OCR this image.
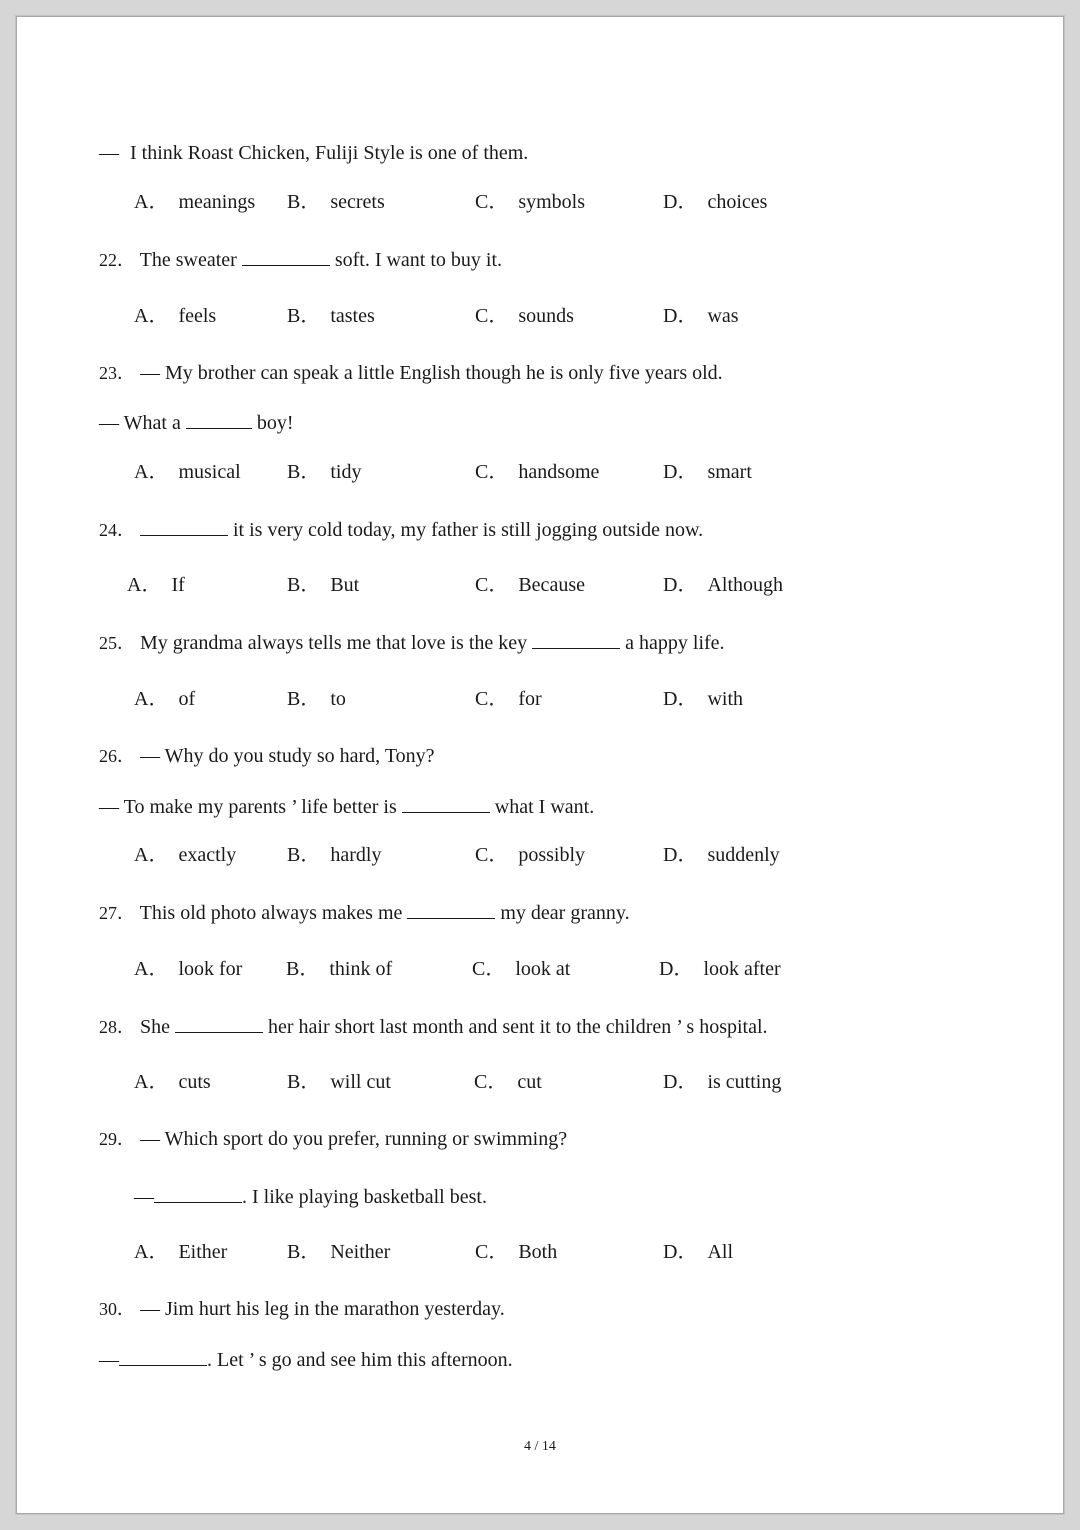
— I think Roast Chicken, Fuliji Style is one of them.
A． meanings B． secrets	C． symbols	D． choices
22． The sweater	soft. I want to buy it.
A． feels	B． tastes	C． sounds	D． was
23． — My brother can speak a little English though he is only five years old.
— What a	boy!
A． musical B． tidy	C． handsome	D． smart
24．	it is very cold today, my father is still jogging outside now.
A． If	B． But	C． Because	D． Although
25． My grandma always tells me that love is the key	a happy life.
A． of	B． to	C． for	D． with
26． — Why do you study so hard, Tony?
— To make my parents ’ life better is	what I want.
A． exactly	B． hardly	C． possibly	D． suddenly
27． This old photo always makes me	my dear granny.
A． look for B． think of	C． look at	D． look after
28． She	her hair short last month and sent it to the children ’ s hospital.
A． cuts	B． will cut	C． cut	D． is cutting
29． — Which sport do you prefer, running or swimming?
—	. I like playing basketball best.
A． Either	B． Neither	C． Both	D． All
30． — Jim hurt his leg in the marathon yesterday.
—	. Let ’ s go and see him this afternoon.
4 / 14
